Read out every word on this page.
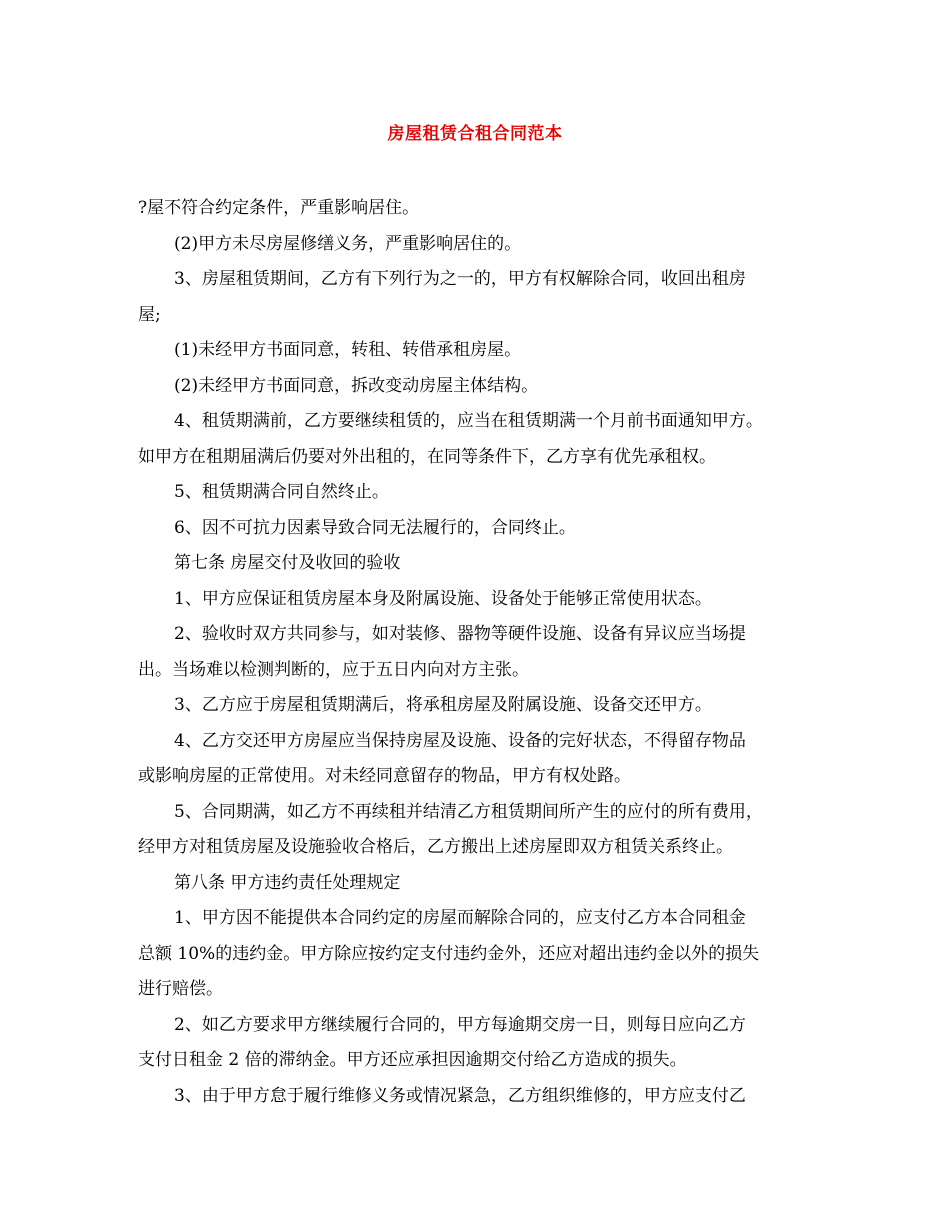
房屋租赁合租合同范本
?屋不符合约定条件，严重影响居住。
(2)甲方未尽房屋修缮义务，严重影响居住的。
3、房屋租赁期间，乙方有下列行为之一的，甲方有权解除合同，收回出租房
屋;
(1)未经甲方书面同意，转租、转借承租房屋。
(2)未经甲方书面同意，拆改变动房屋主体结构。
4、租赁期满前，乙方要继续租赁的，应当在租赁期满一个月前书面通知甲方。
如甲方在租期届满后仍要对外出租的，在同等条件下，乙方享有优先承租权。
5、租赁期满合同自然终止。
6、因不可抗力因素导致合同无法履行的，合同终止。
第七条 房屋交付及收回的验收
1、甲方应保证租赁房屋本身及附属设施、设备处于能够正常使用状态。
2、验收时双方共同参与，如对装修、器物等硬件设施、设备有异议应当场提
出。当场难以检测判断的，应于五日内向对方主张。
3、乙方应于房屋租赁期满后，将承租房屋及附属设施、设备交还甲方。
4、乙方交还甲方房屋应当保持房屋及设施、设备的完好状态，不得留存物品
或影响房屋的正常使用。对未经同意留存的物品，甲方有权处路。
5、合同期满，如乙方不再续租并结清乙方租赁期间所产生的应付的所有费用，
经甲方对租赁房屋及设施验收合格后，乙方搬出上述房屋即双方租赁关系终止。
第八条 甲方违约责任处理规定
1、甲方因不能提供本合同约定的房屋而解除合同的，应支付乙方本合同租金
总额 10%的违约金。甲方除应按约定支付违约金外，还应对超出违约金以外的损失
进行赔偿。
2、如乙方要求甲方继续履行合同的，甲方每逾期交房一日，则每日应向乙方
支付日租金 2 倍的滞纳金。甲方还应承担因逾期交付给乙方造成的损失。
3、由于甲方怠于履行维修义务或情况紧急，乙方组织维修的，甲方应支付乙
